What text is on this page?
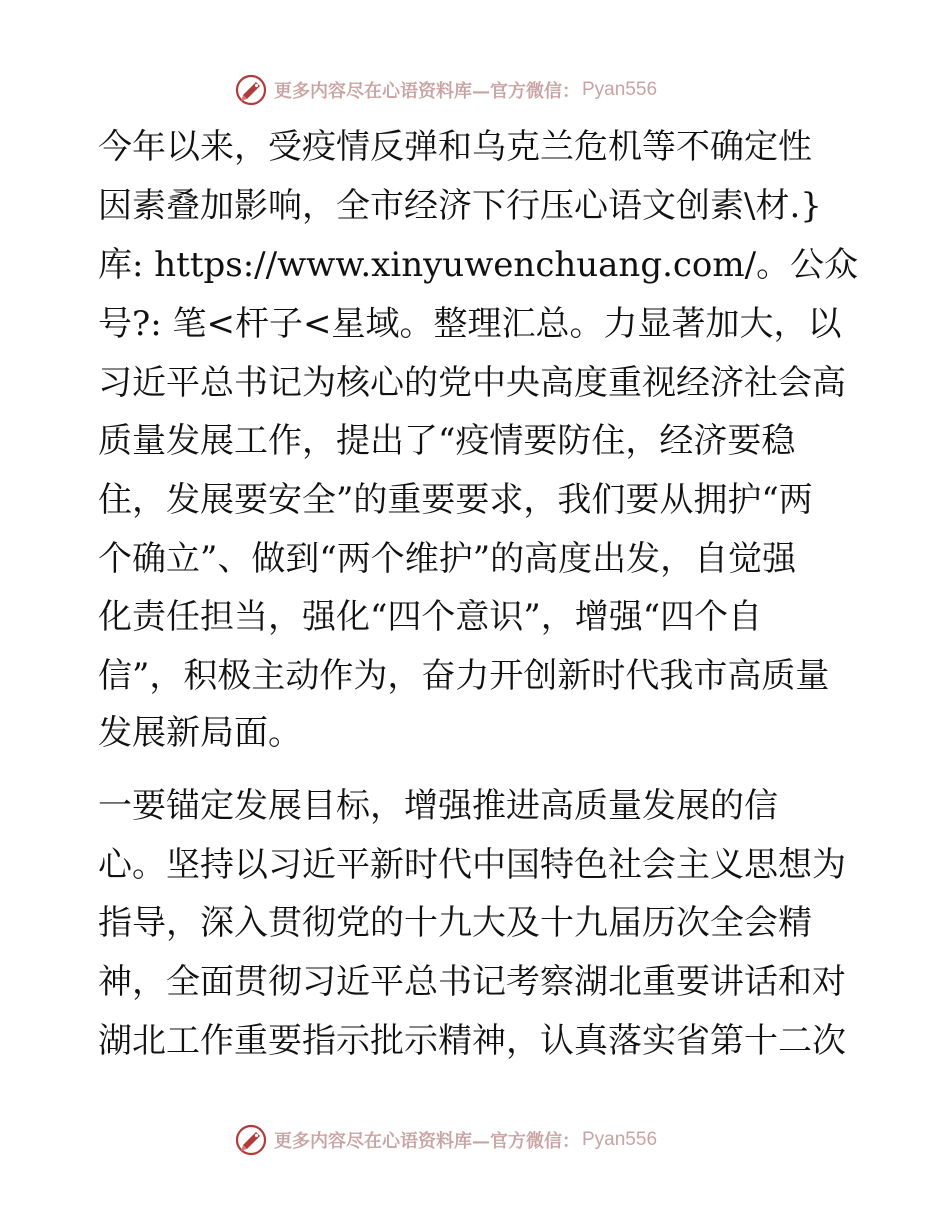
更多内容尽在心语资料库—官方微信： Pyan556
今年以来，受疫情反弹和乌克兰危机等不确定性
因素叠加影响，全市经济下行压心语文创素\材.}
库: https://www.xinyuwenchuang.com/。公众
号?: 笔<杆子<星域。整理汇总。力显著加大，以
习近平总书记为核心的党中央高度重视经济社会高
质量发展工作，提出了“疫情要防住，经济要稳
住，发展要安全”的重要要求，我们要从拥护“两
个确立”、做到“两个维护”的高度出发，自觉强
化责任担当，强化“四个意识”，增强“四个自
信”，积极主动作为，奋力开创新时代我市高质量
发展新局面。
一要锚定发展目标，增强推进高质量发展的信
心。坚持以习近平新时代中国特色社会主义思想为
指导，深入贯彻党的十九大及十九届历次全会精
神，全面贯彻习近平总书记考察湖北重要讲话和对
湖北工作重要指示批示精神，认真落实省第十二次
更多内容尽在心语资料库—官方微信： Pyan556
